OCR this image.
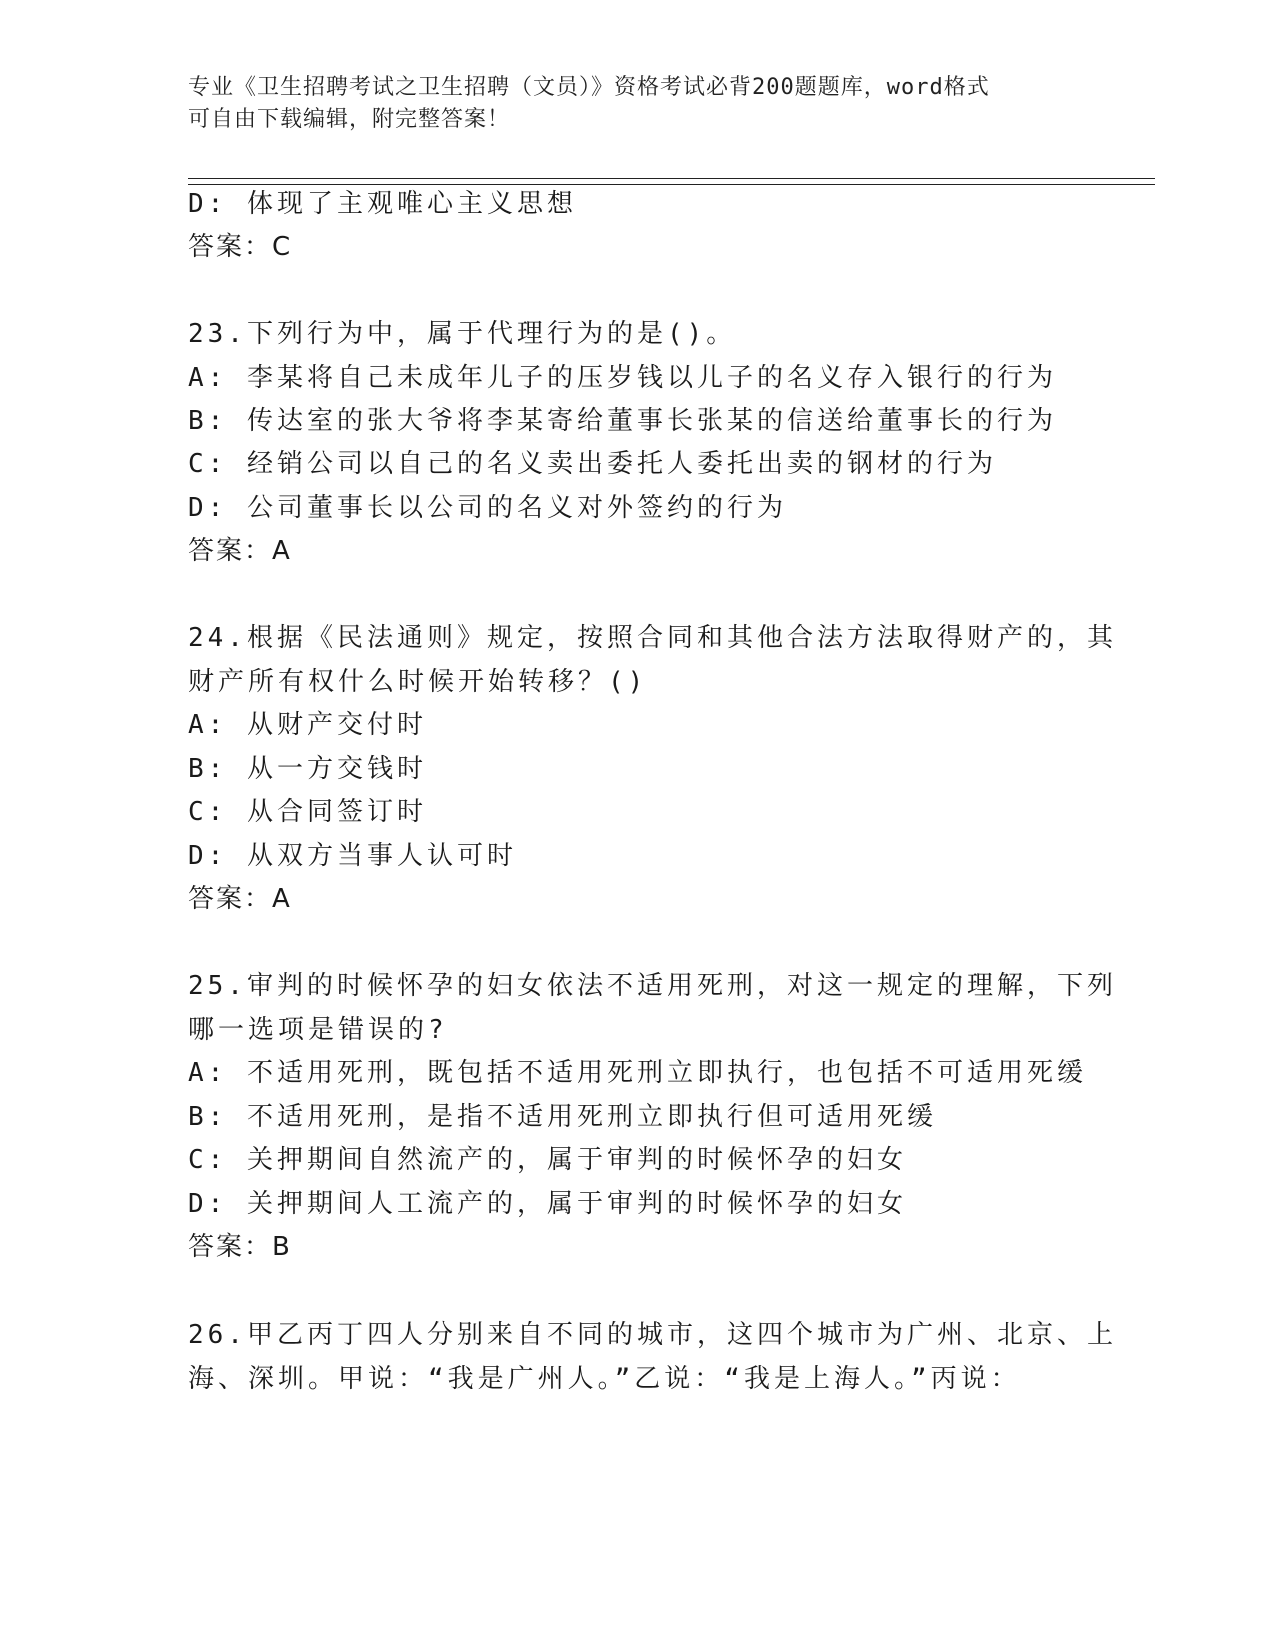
专业《卫生招聘考试之卫生招聘（文员）》资格考试必背200题题库，word格式
可自由下载编辑，附完整答案！
D: 体现了主观唯心主义思想
答案：C
23.下列行为中，属于代理行为的是()。
A: 李某将自己未成年儿子的压岁钱以儿子的名义存入银行的行为
B: 传达室的张大爷将李某寄给董事长张某的信送给董事长的行为
C: 经销公司以自己的名义卖出委托人委托出卖的钢材的行为
D: 公司董事长以公司的名义对外签约的行为
答案：A
24.根据《民法通则》规定，按照合同和其他合法方法取得财产的，其
财产所有权什么时候开始转移？()
A: 从财产交付时
B: 从一方交钱时
C: 从合同签订时
D: 从双方当事人认可时
答案：A
25.审判的时候怀孕的妇女依法不适用死刑，对这一规定的理解，下列
哪一选项是错误的?
A: 不适用死刑，既包括不适用死刑立即执行，也包括不可适用死缓
B: 不适用死刑，是指不适用死刑立即执行但可适用死缓
C: 关押期间自然流产的，属于审判的时候怀孕的妇女
D: 关押期间人工流产的，属于审判的时候怀孕的妇女
答案：B
26.甲乙丙丁四人分别来自不同的城市，这四个城市为广州、北京、上
海、深圳。甲说：“我是广州人。”乙说：“我是上海人。”丙说：
